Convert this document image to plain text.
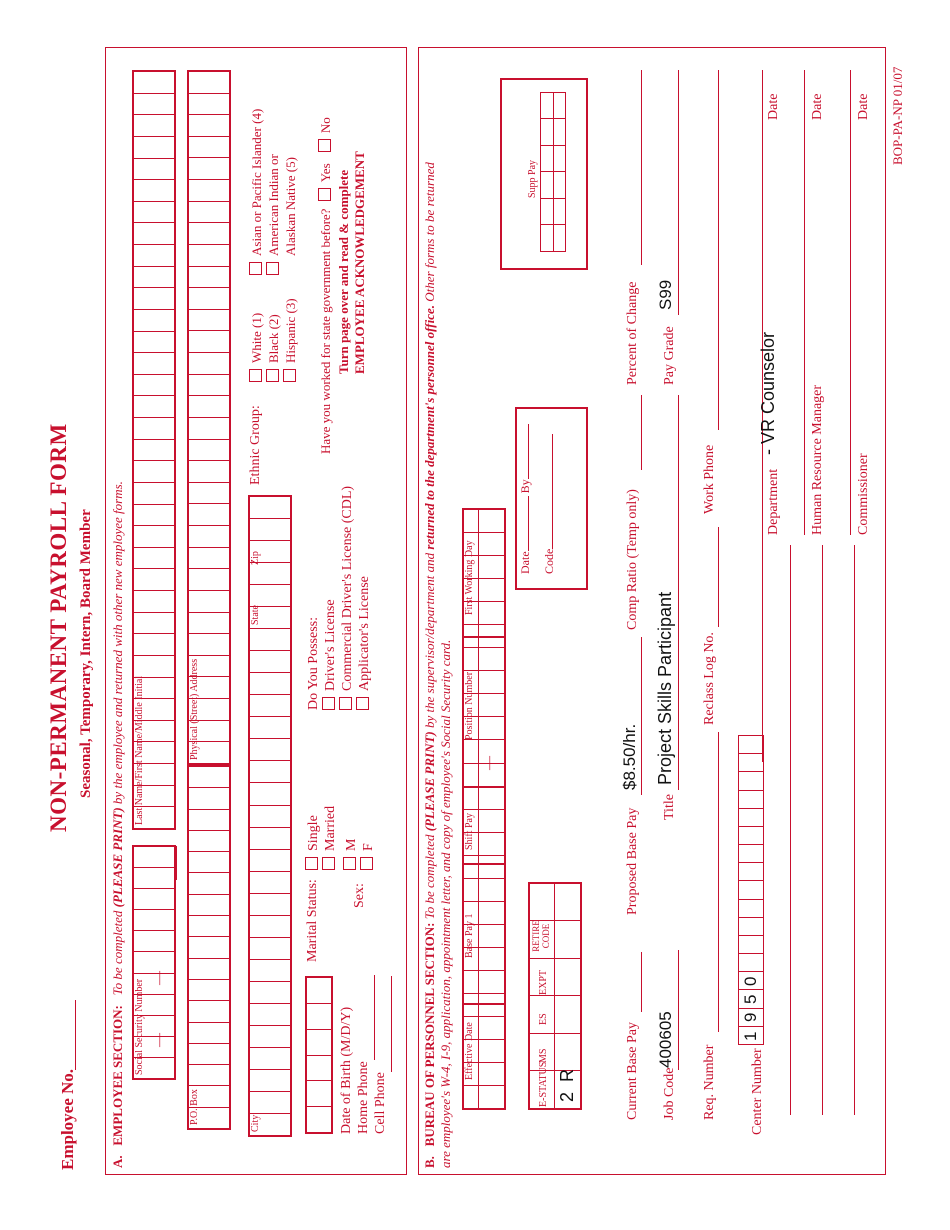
Employee No.
NON-PERMANENT PAYROLL FORM Seasonal, Temporary, Intern, Board Member
A.   EMPLOYEE SECTION:   To be completed (PLEASE PRINT) by the employee and returned with other new employee forms.
Social Security Number —
—
Last Name/First Name/Middle Initial
P.O. Box
Physical (Street) Address
City
State
Zip
Ethnic Group:
White (1) Black (2) Hispanic (3)
Asian or Pacific Islander (4) American Indian or Alaskan Native (5)
Date of Birth (M/D/Y) Home Phone Cell Phone
Marital Status:
Single Married
Sex:
M F
Do You Possess: Driver's License Commercial Driver's License (CDL) Applicator's License
Have you worked for state government before? Yes No
Turn page over and read & complete EMPLOYEE ACKNOWLEDGEMENT
B.   BUREAU OF PERSONNEL SECTION: To be completed (PLEASE PRINT) by the supervisor/department and returned to the department's personnel office. Other forms to be returned
are employee's W-4, I-9, application, appointment letter, and copy of employee's Social Security card. Effective Date
Base Pay 1
Shift Pay
Position Number
First Working Day
—
Date By
Code
Supp Pay
E-STATUS
MS
ES
EXPT
RETIRE CODE
2
R	Current Base Pay
Proposed Base Pay
$8.50/hr.
Comp Ratio (Temp only)
Percent of Change
Job Code
400605
Title
Project Skills Participant
Pay Grade
S99
Req. Number
Reclass Log No.
Work Phone
Center Number
1
9
5
0
Department
- VR Counselor
Date
Human Resource Manager
Date
Commissioner
Date BOP-PA-NP 01/07
